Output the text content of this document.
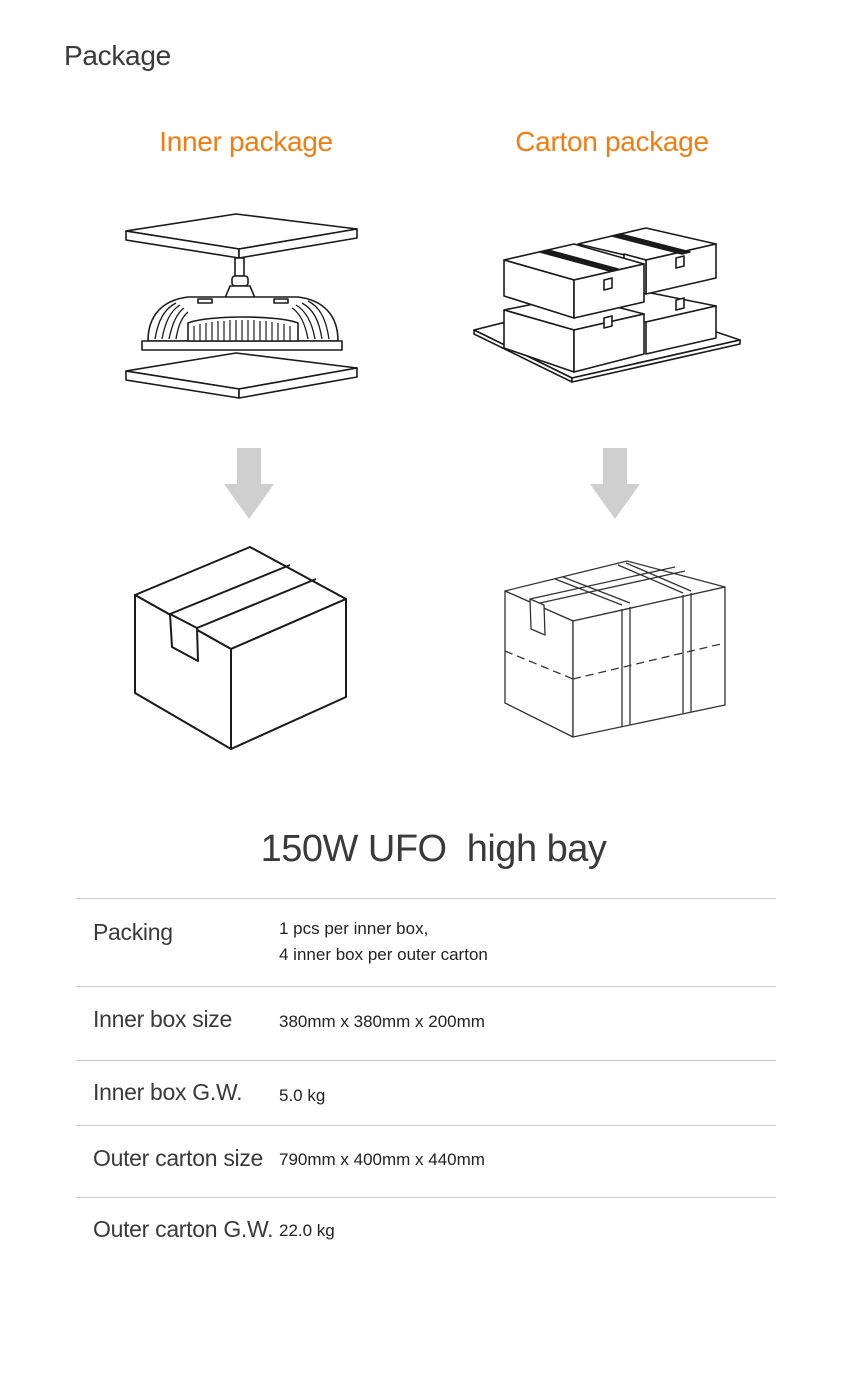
Package
Inner package	Carton package
150W UFO  high bay
Packing	1 pcs per inner box,
4 inner box per outer carton
Inner box size	380mm x 380mm x 200mm
Inner box G.W. 5.0 kg
Outer carton size 790mm x 400mm x 440mm
Outer carton G.W. 22.0 kg
